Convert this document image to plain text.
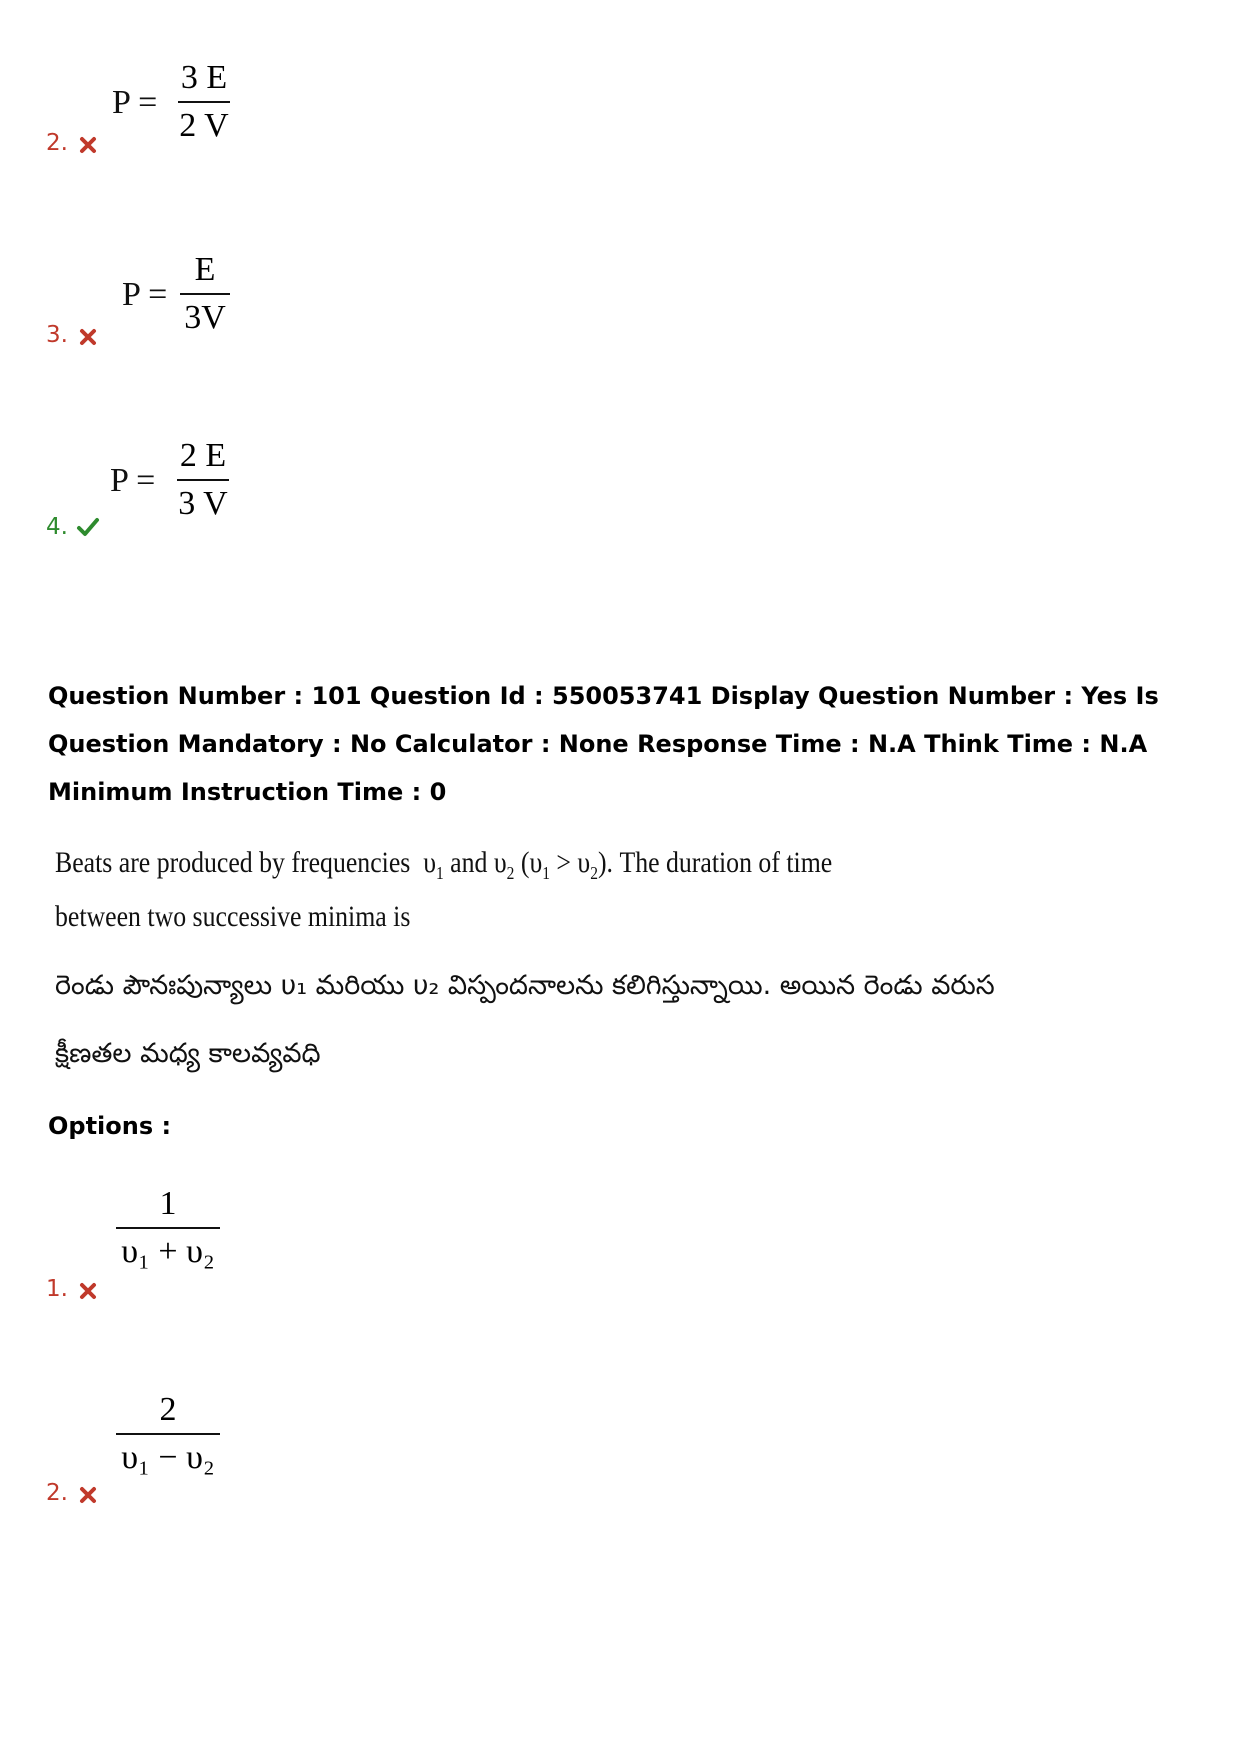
P =
3 E
2 V
2.
P =
E
3V
3.
P =
2 E
3 V
4.
Question Number : 101 Question Id : 550053741 Display Question Number : Yes Is Question Mandatory : No Calculator : None Response Time : N.A Think Time : N.A Minimum Instruction Time : 0
Beats are produced by frequencies  $\upsilon_1$ and $\upsilon_2$ $(\upsilon_1 > \upsilon_2)$. The duration of time
between two successive minima is
రెండు పౌనఃపున్యాలు υ₁ మరియు υ₂ విస్పందనాలను కలిగిస్తున్నాయి. అయిన రెండు వరుస
క్షీణతల మధ్య కాలవ్యవధి
Options :
1
υ₁ + υ₂
1.
2
υ₁ − υ₂
2.
